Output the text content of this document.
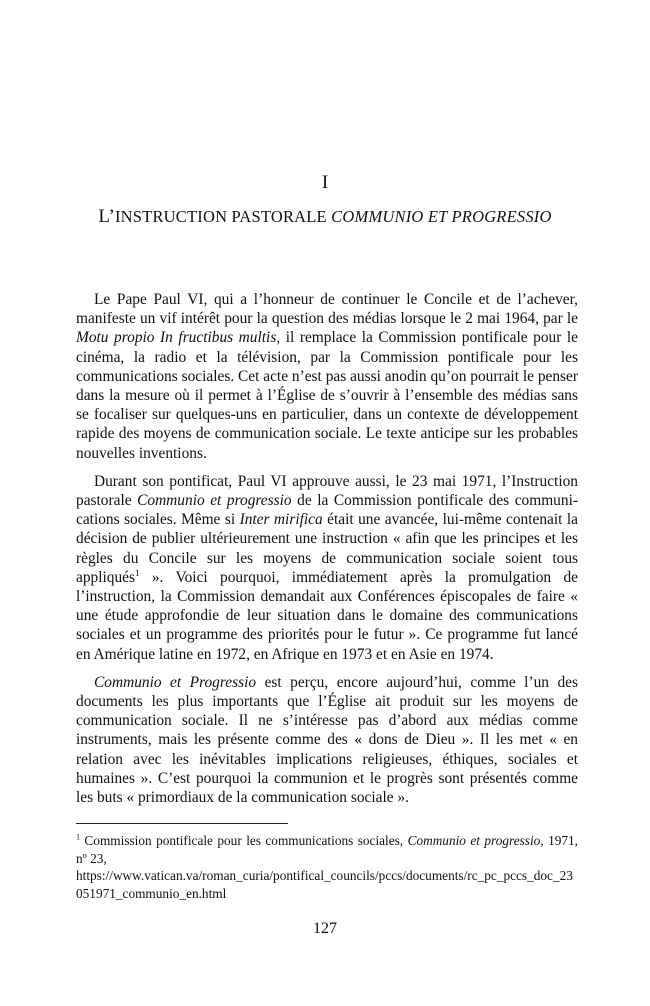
I
L’INSTRUCTION PASTORALE COMMUNIO ET PROGRESSIO

Le Pape Paul VI, qui a l’honneur de continuer le Concile et de l’achever, manifeste un vif intérêt pour la question des médias lorsque le 2 mai 1964, par le Motu propio In fructibus multis, il remplace la Commission pontificale pour le cinéma, la radio et la télévision, par la Commission pontificale pour les communications sociales. Cet acte n’est pas aussi anodin qu’on pourrait le penser dans la mesure où il permet à l’Église de s’ouvrir à l’ensemble des médias sans se focaliser sur quelques-uns en particulier, dans un contexte de développement rapide des moyens de communication sociale. Le texte anticipe sur les probables nouvelles inventions.

Durant son pontificat, Paul VI approuve aussi, le 23 mai 1971, l’Instruction pastorale Communio et progressio de la Commission pontificale des communications sociales. Même si Inter mirifica était une avancée, lui-même contenait la décision de publier ultérieurement une instruction « afin que les principes et les règles du Concile sur les moyens de communication sociale soient tous appliqués$^1$ ». Voici pourquoi, immédiatement après la promulgation de l’instruction, la Commission demandait aux Conférences épiscopales de faire « une étude approfondie de leur situation dans le domaine des communications sociales et un programme des priorités pour le futur ». Ce programme fut lancé en Amérique latine en 1972, en Afrique en 1973 et en Asie en 1974.

Communio et Progressio est perçu, encore aujourd’hui, comme l’un des documents les plus importants que l’Église ait produit sur les moyens de communication sociale. Il ne s’intéresse pas d’abord aux médias comme instruments, mais les présente comme des « dons de Dieu ». Il les met « en relation avec les inévitables implications religieuses, éthiques, sociales et humaines ». C’est pourquoi la communion et le progrès sont présentés comme les buts « primordiaux de la communication sociale ».

$^1$ Commission pontificale pour les communications sociales, Communio et progressio, 1971, nº 23,

https://www.vatican.va/roman_curia/pontifical_councils/pccs/documents/rc_pc_pccs_doc_23051971_communio_en.html
127
